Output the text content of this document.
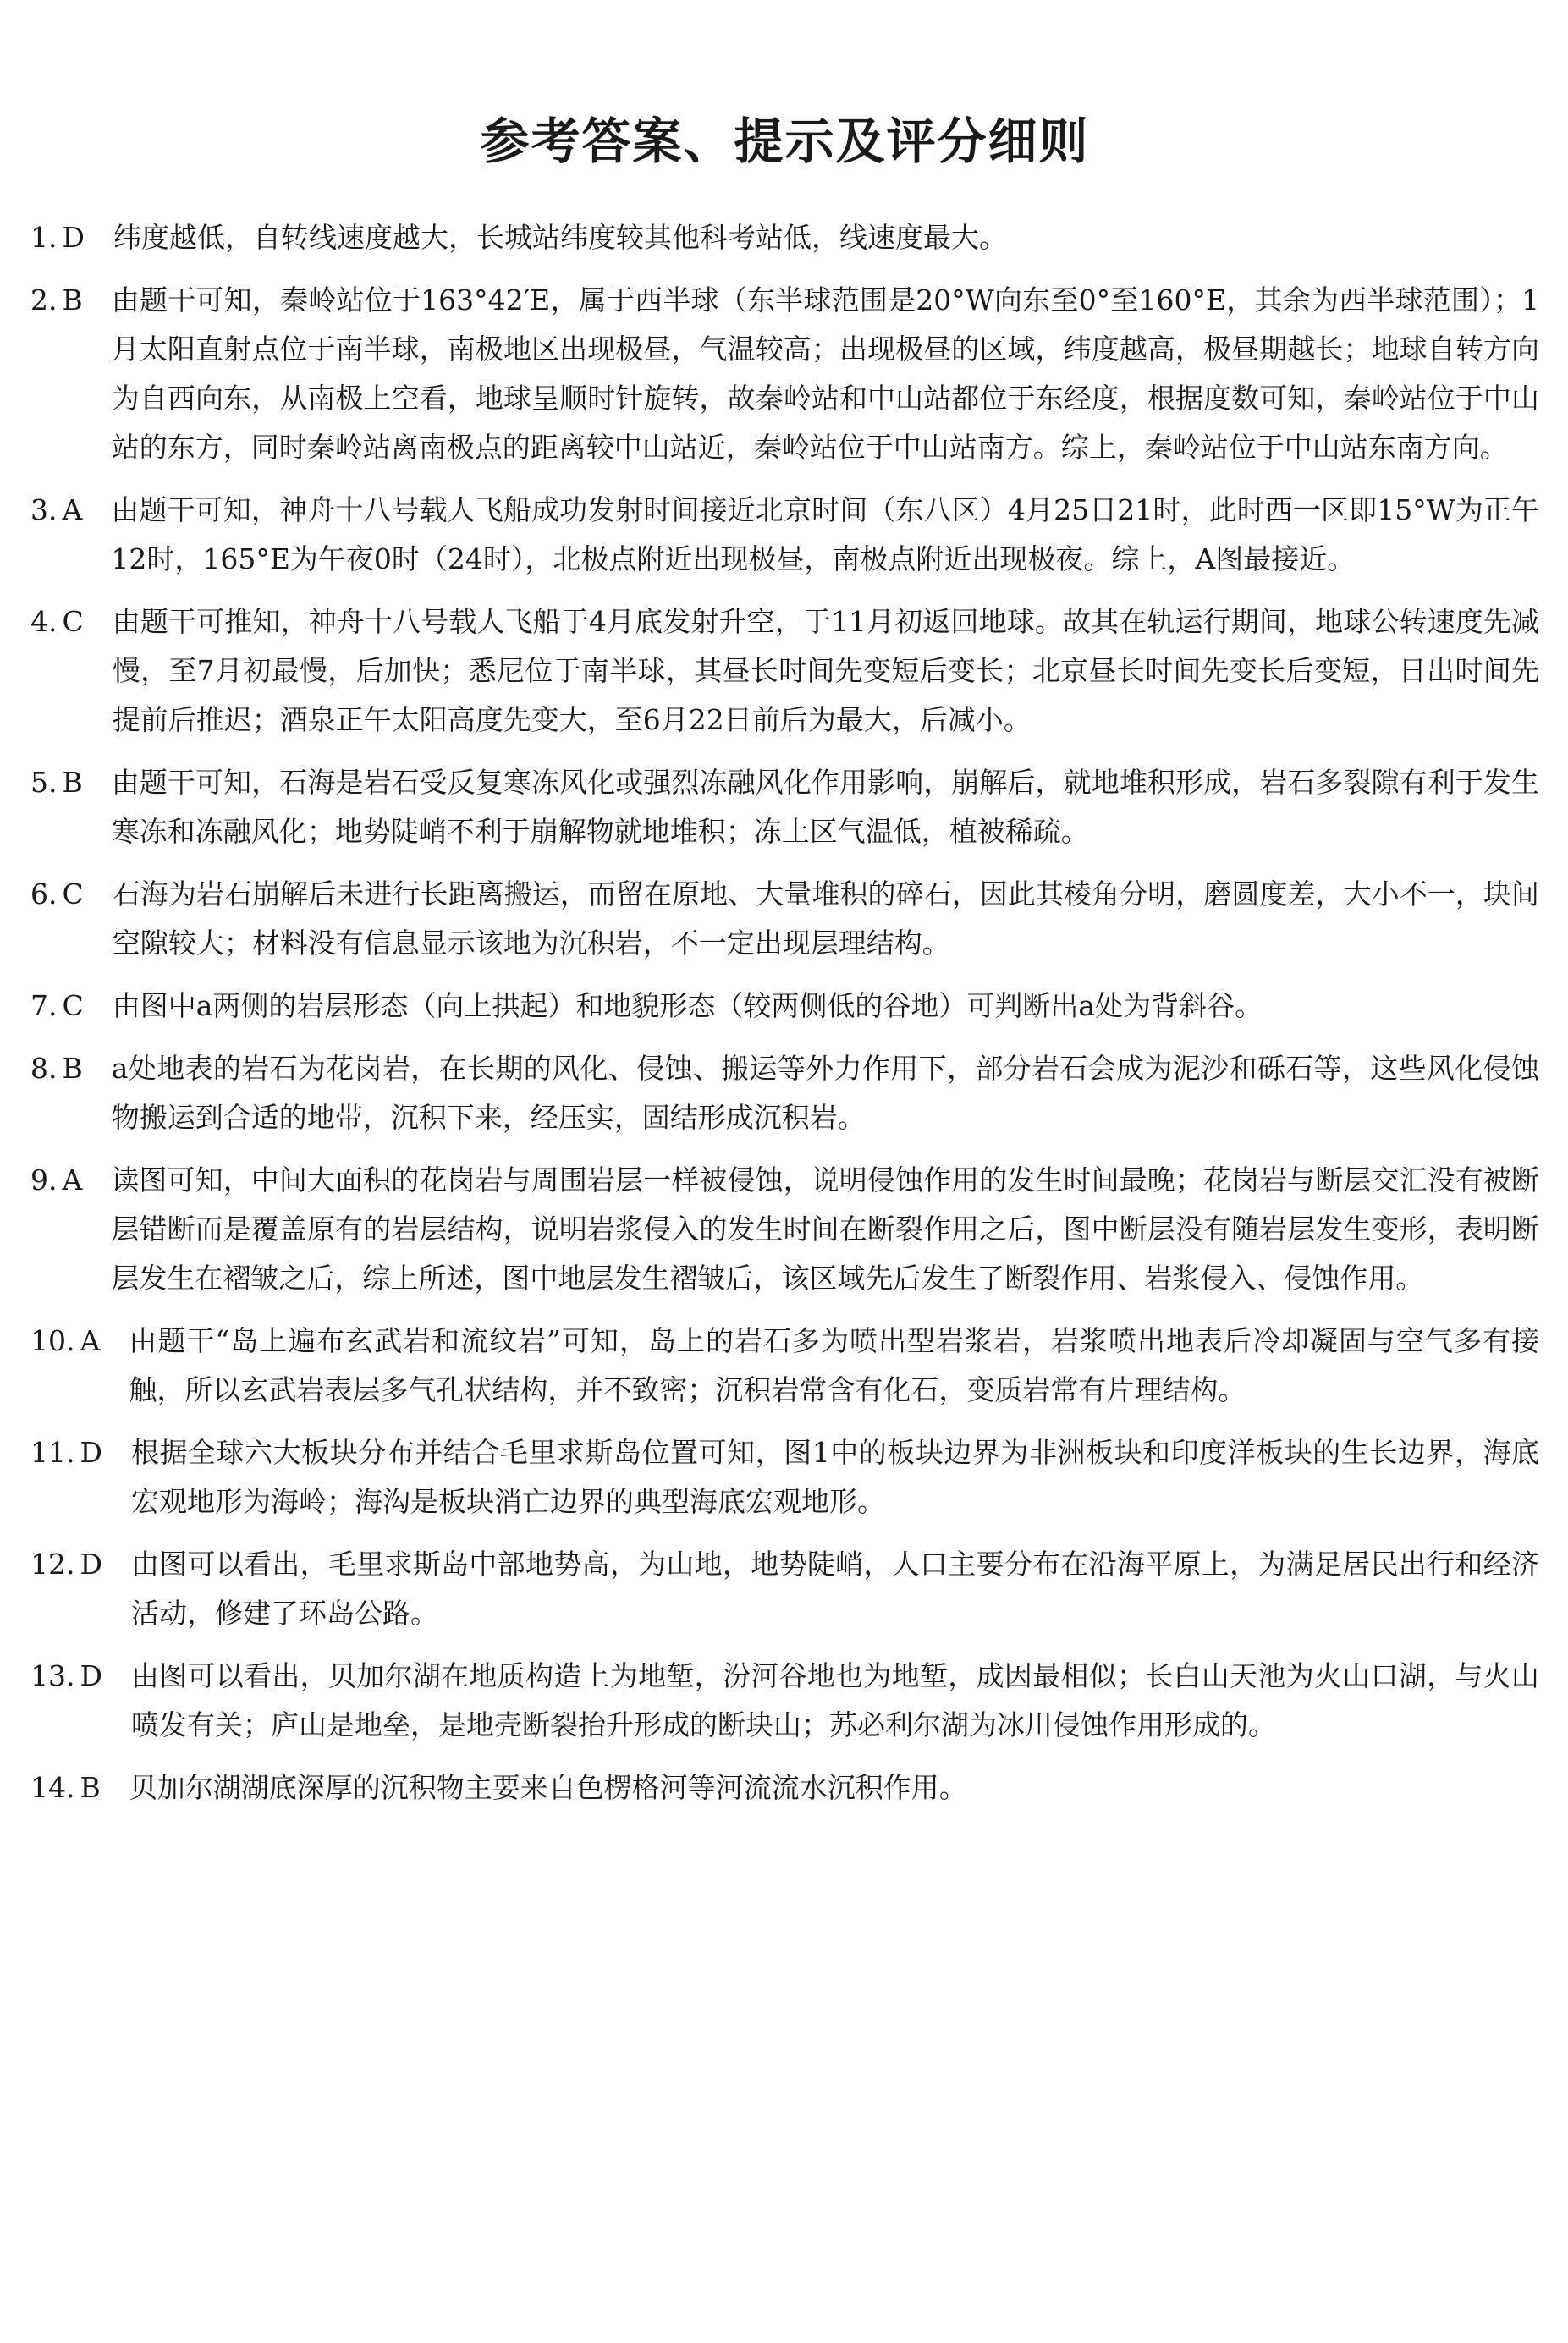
参考答案、提示及评分细则
1. D 纬度越低，自转线速度越大，长城站纬度较其他科考站低，线速度最大。
2. B 由题干可知，秦岭站位于163°42′E，属于西半球（东半球范围是20°W向东至0°至160°E，其余为西半球范围）；1月太阳直射点位于南半球，南极地区出现极昼，气温较高；出现极昼的区域，纬度越高，极昼期越长；地球自转方向为自西向东，从南极上空看，地球呈顺时针旋转，故秦岭站和中山站都位于东经度，根据度数可知，秦岭站位于中山站的东方，同时秦岭站离南极点的距离较中山站近，秦岭站位于中山站南方。综上，秦岭站位于中山站东南方向。
3. A 由题干可知，神舟十八号载人飞船成功发射时间接近北京时间（东八区）4月25日21时，此时西一区即15°W为正午12时，165°E为午夜0时（24时），北极点附近出现极昼，南极点附近出现极夜。综上，A图最接近。
4. C 由题干可推知，神舟十八号载人飞船于4月底发射升空，于11月初返回地球。故其在轨运行期间，地球公转速度先减慢，至7月初最慢，后加快；悉尼位于南半球，其昼长时间先变短后变长；北京昼长时间先变长后变短，日出时间先提前后推迟；酒泉正午太阳高度先变大，至6月22日前后为最大，后减小。
5. B 由题干可知，石海是岩石受反复寒冻风化或强烈冻融风化作用影响，崩解后，就地堆积形成，岩石多裂隙有利于发生寒冻和冻融风化；地势陡峭不利于崩解物就地堆积；冻土区气温低，植被稀疏。
6. C 石海为岩石崩解后未进行长距离搬运，而留在原地、大量堆积的碎石，因此其棱角分明，磨圆度差，大小不一，块间空隙较大；材料没有信息显示该地为沉积岩，不一定出现层理结构。
7. C 由图中a两侧的岩层形态（向上拱起）和地貌形态（较两侧低的谷地）可判断出a处为背斜谷。
8. B a处地表的岩石为花岗岩，在长期的风化、侵蚀、搬运等外力作用下，部分岩石会成为泥沙和砾石等，这些风化侵蚀物搬运到合适的地带，沉积下来，经压实，固结形成沉积岩。
9. A 读图可知，中间大面积的花岗岩与周围岩层一样被侵蚀，说明侵蚀作用的发生时间最晚；花岗岩与断层交汇没有被断层错断而是覆盖原有的岩层结构，说明岩浆侵入的发生时间在断裂作用之后，图中断层没有随岩层发生变形，表明断层发生在褶皱之后，综上所述，图中地层发生褶皱后，该区域先后发生了断裂作用、岩浆侵入、侵蚀作用。
10. A 由题干“岛上遍布玄武岩和流纹岩”可知，岛上的岩石多为喷出型岩浆岩，岩浆喷出地表后冷却凝固与空气多有接触，所以玄武岩表层多气孔状结构，并不致密；沉积岩常含有化石，变质岩常有片理结构。
11. D 根据全球六大板块分布并结合毛里求斯岛位置可知，图1中的板块边界为非洲板块和印度洋板块的生长边界，海底宏观地形为海岭；海沟是板块消亡边界的典型海底宏观地形。
12. D 由图可以看出，毛里求斯岛中部地势高，为山地，地势陡峭，人口主要分布在沿海平原上，为满足居民出行和经济活动，修建了环岛公路。
13. D 由图可以看出，贝加尔湖在地质构造上为地堑，汾河谷地也为地堑，成因最相似；长白山天池为火山口湖，与火山喷发有关；庐山是地垒，是地壳断裂抬升形成的断块山；苏必利尔湖为冰川侵蚀作用形成的。
14. B 贝加尔湖湖底深厚的沉积物主要来自色楞格河等河流流水沉积作用。
